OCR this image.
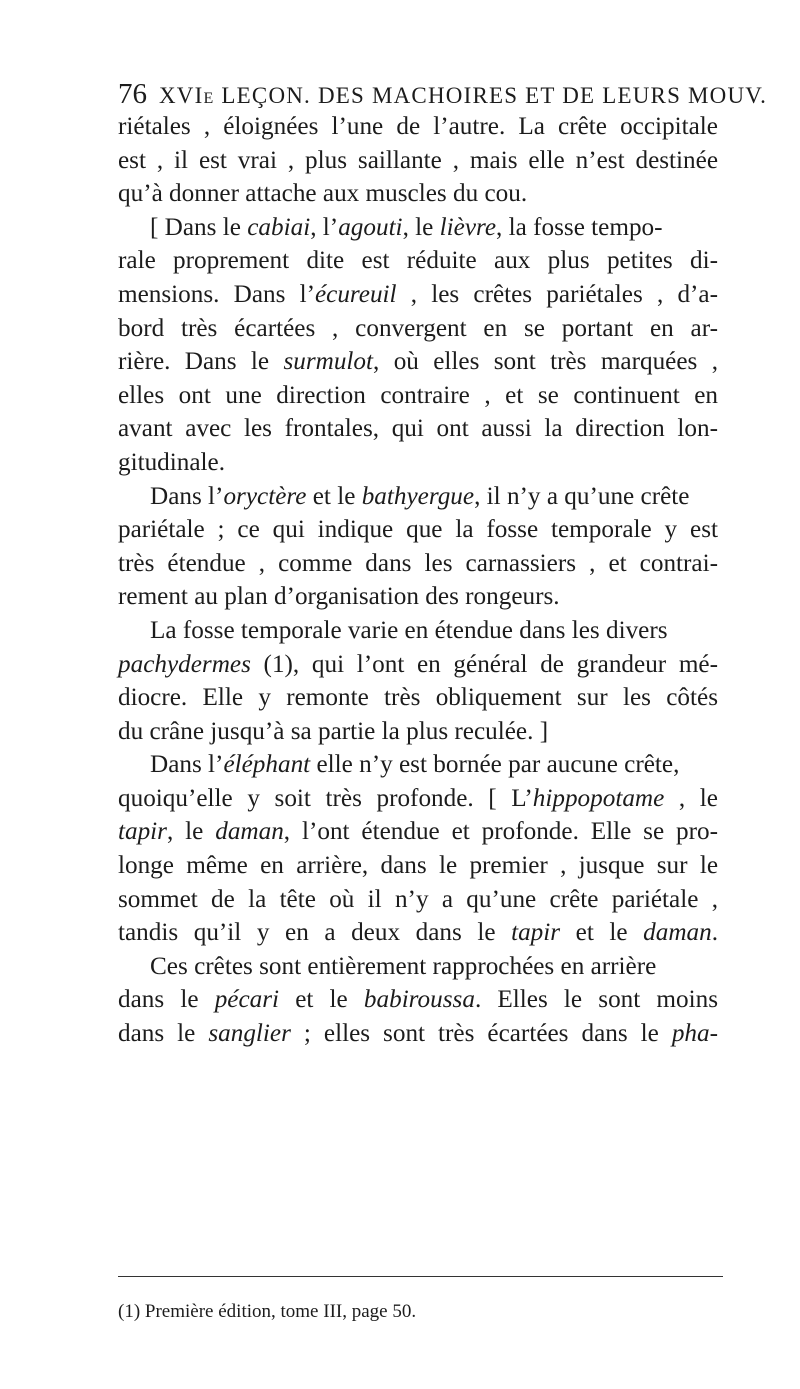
76 XVIe LEÇON. DES MACHOIRES ET DE LEURS MOUV.
riétales , éloignées l’une de l’autre. La crête occipitale
est , il est vrai , plus saillante , mais elle n’est destinée
qu’à donner attache aux muscles du cou.
[ Dans le cabiai, l’agouti, le lièvre, la fosse tempo-
rale proprement dite est réduite aux plus petites di-
mensions. Dans l’écureuil , les crêtes pariétales , d’a-
bord très écartées , convergent en se portant en ar-
rière. Dans le surmulot, où elles sont très marquées ,
elles ont une direction contraire , et se continuent en
avant avec les frontales, qui ont aussi la direction lon-
gitudinale.
Dans l’oryctère et le bathyergue, il n’y a qu’une crête
pariétale ; ce qui indique que la fosse temporale y est
très étendue , comme dans les carnassiers , et contrai-
rement au plan d’organisation des rongeurs.
La fosse temporale varie en étendue dans les divers
pachydermes (1), qui l’ont en général de grandeur mé-
diocre. Elle y remonte très obliquement sur les côtés
du crâne jusqu’à sa partie la plus reculée. ]
Dans l’éléphant elle n’y est bornée par aucune crête,
quoiqu’elle y soit très profonde. [ L’hippopotame , le
tapir, le daman, l’ont étendue et profonde. Elle se pro-
longe même en arrière, dans le premier , jusque sur le
sommet de la tête où il n’y a qu’une crête pariétale ,
tandis qu’il y en a deux dans le tapir et le daman.
Ces crêtes sont entièrement rapprochées en arrière
dans le pécari et le babiroussa. Elles le sont moins
dans le sanglier ; elles sont très écartées dans le pha-
(1) Première édition, tome III, page 50.
